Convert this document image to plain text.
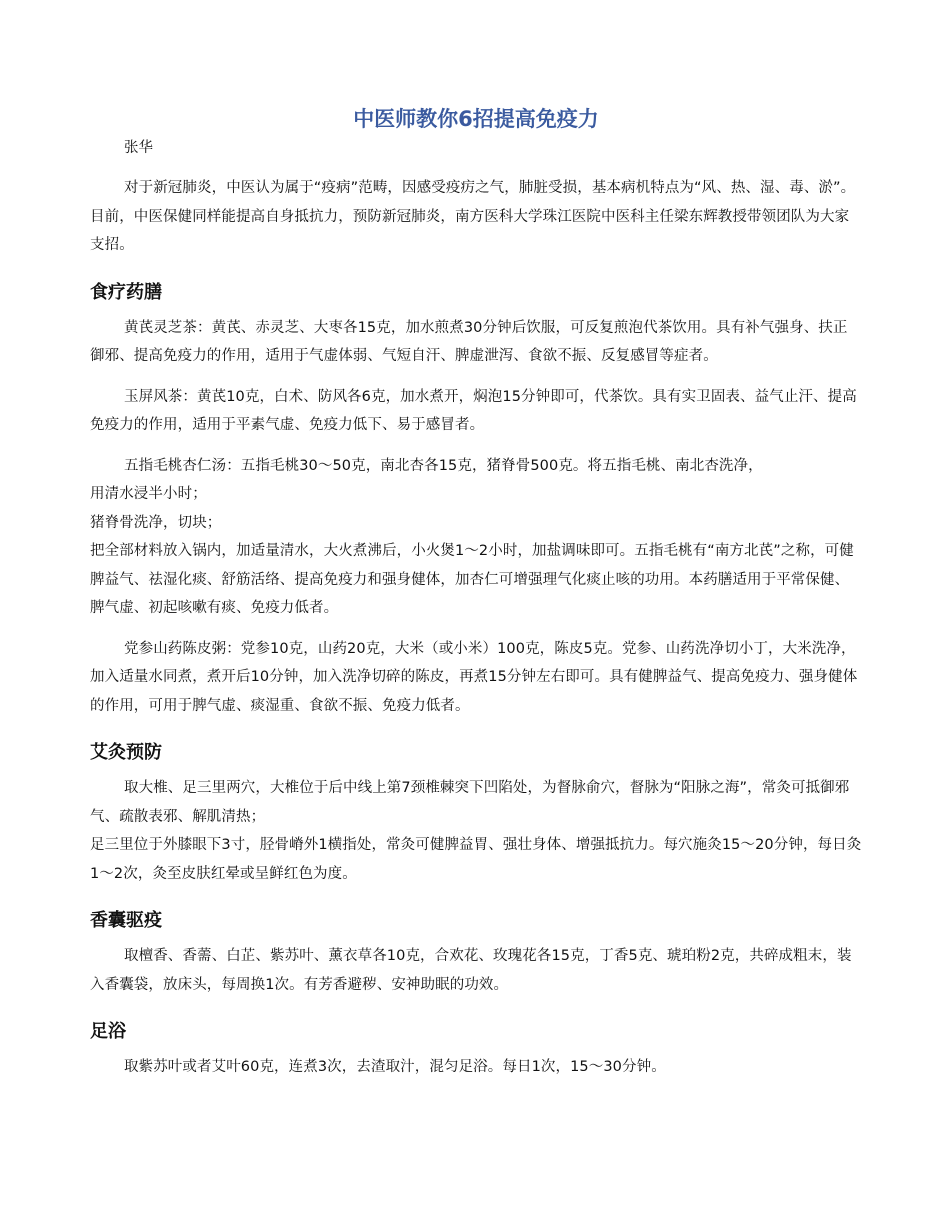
中医师教你6招提高免疫力
张华

对于新冠肺炎，中医认为属于“疫病”范畴，因感受疫疠之气，肺脏受损，基本病机特点为“风、热、湿、毒、淤”。目前，中医保健同样能提高自身抵抗力，预防新冠肺炎，南方医科大学珠江医院中医科主任梁东辉教授带领团队为大家支招。

食疗药膳

黄芪灵芝茶：黄芪、赤灵芝、大枣各15克，加水煎煮30分钟后饮服，可反复煎泡代茶饮用。具有补气强身、扶正御邪、提高免疫力的作用，适用于气虚体弱、气短自汗、脾虚泄泻、食欲不振、反复感冒等症者。

玉屏风茶：黄芪10克，白术、防风各6克，加水煮开，焖泡15分钟即可，代茶饮。具有实卫固表、益气止汗、提高免疫力的作用，适用于平素气虚、免疫力低下、易于感冒者。

五指毛桃杏仁汤：五指毛桃30～50克，南北杏各15克，猪脊骨500克。将五指毛桃、南北杏洗净，

用清水浸半小时；

猪脊骨洗净，切块；

把全部材料放入锅内，加适量清水，大火煮沸后，小火煲1～2小时，加盐调味即可。五指毛桃有“南方北芪”之称，可健脾益气、祛湿化痰、舒筋活络、提高免疫力和强身健体，加杏仁可增强理气化痰止咳的功用。本药膳适用于平常保健、脾气虚、初起咳嗽有痰、免疫力低者。

党参山药陈皮粥：党参10克，山药20克，大米（或小米）100克，陈皮5克。党参、山药洗净切小丁，大米洗净，加入适量水同煮，煮开后10分钟，加入洗净切碎的陈皮，再煮15分钟左右即可。具有健脾益气、提高免疫力、强身健体的作用，可用于脾气虚、痰湿重、食欲不振、免疫力低者。

艾灸预防

取大椎、足三里两穴，大椎位于后中线上第7颈椎棘突下凹陷处，为督脉俞穴，督脉为“阳脉之海”，常灸可抵御邪气、疏散表邪、解肌清热；

足三里位于外膝眼下3寸，胫骨嵴外1横指处，常灸可健脾益胃、强壮身体、增强抵抗力。每穴施灸15～20分钟，每日灸1～2次，灸至皮肤红晕或呈鲜红色为度。

香囊驱疫

取檀香、香薷、白芷、紫苏叶、薰衣草各10克，合欢花、玫瑰花各15克，丁香5克、琥珀粉2克，共碎成粗末，装入香囊袋，放床头，每周换1次。有芳香避秽、安神助眠的功效。

足浴

取紫苏叶或者艾叶60克，连煮3次，去渣取汁，混匀足浴。每日1次，15～30分钟。
